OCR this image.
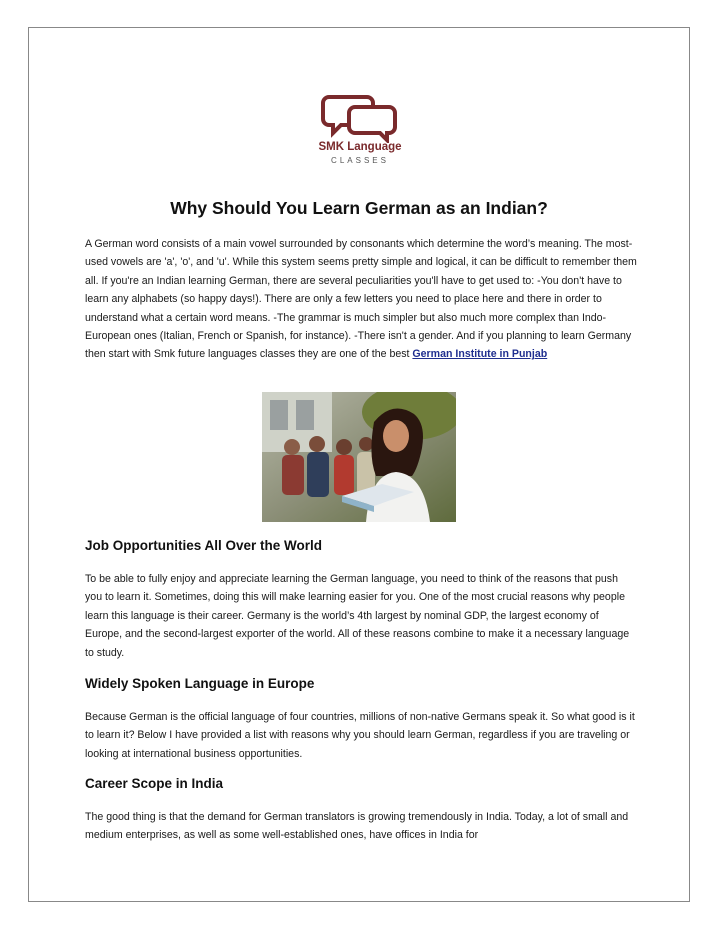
SMK Language
CLASSES
Why Should You Learn German as an Indian?

A German word consists of a main vowel surrounded by consonants which determine the word’s meaning. The most-used vowels are 'a', 'o', and 'u'. While this system seems pretty simple and logical, it can be difficult to remember them all. If you're an Indian learning German, there are several peculiarities you'll have to get used to: -You don't have to learn any alphabets (so happy days!). There are only a few letters you need to place here and there in order to understand what a certain word means. -The grammar is much simpler but also much more complex than Indo-European ones (Italian, French or Spanish, for instance). -There isn't a gender. And if you planning to learn Germany then start with Smk future languages classes they are one of the best German Institute in Punjab

Job Opportunities All Over the World

To be able to fully enjoy and appreciate learning the German language, you need to think of the reasons that push you to learn it. Sometimes, doing this will make learning easier for you. One of the most crucial reasons why people learn this language is their career. Germany is the world’s 4th largest by nominal GDP, the largest economy of Europe, and the second-largest exporter of the world. All of these reasons combine to make it a necessary language to study.

Widely Spoken Language in Europe

Because German is the official language of four countries, millions of non-native Germans speak it. So what good is it to learn it? Below I have provided a list with reasons why you should learn German, regardless if you are traveling or looking at international business opportunities.

Career Scope in India

The good thing is that the demand for German translators is growing tremendously in India. Today, a lot of small and medium enterprises, as well as some well-established ones, have offices in India for
